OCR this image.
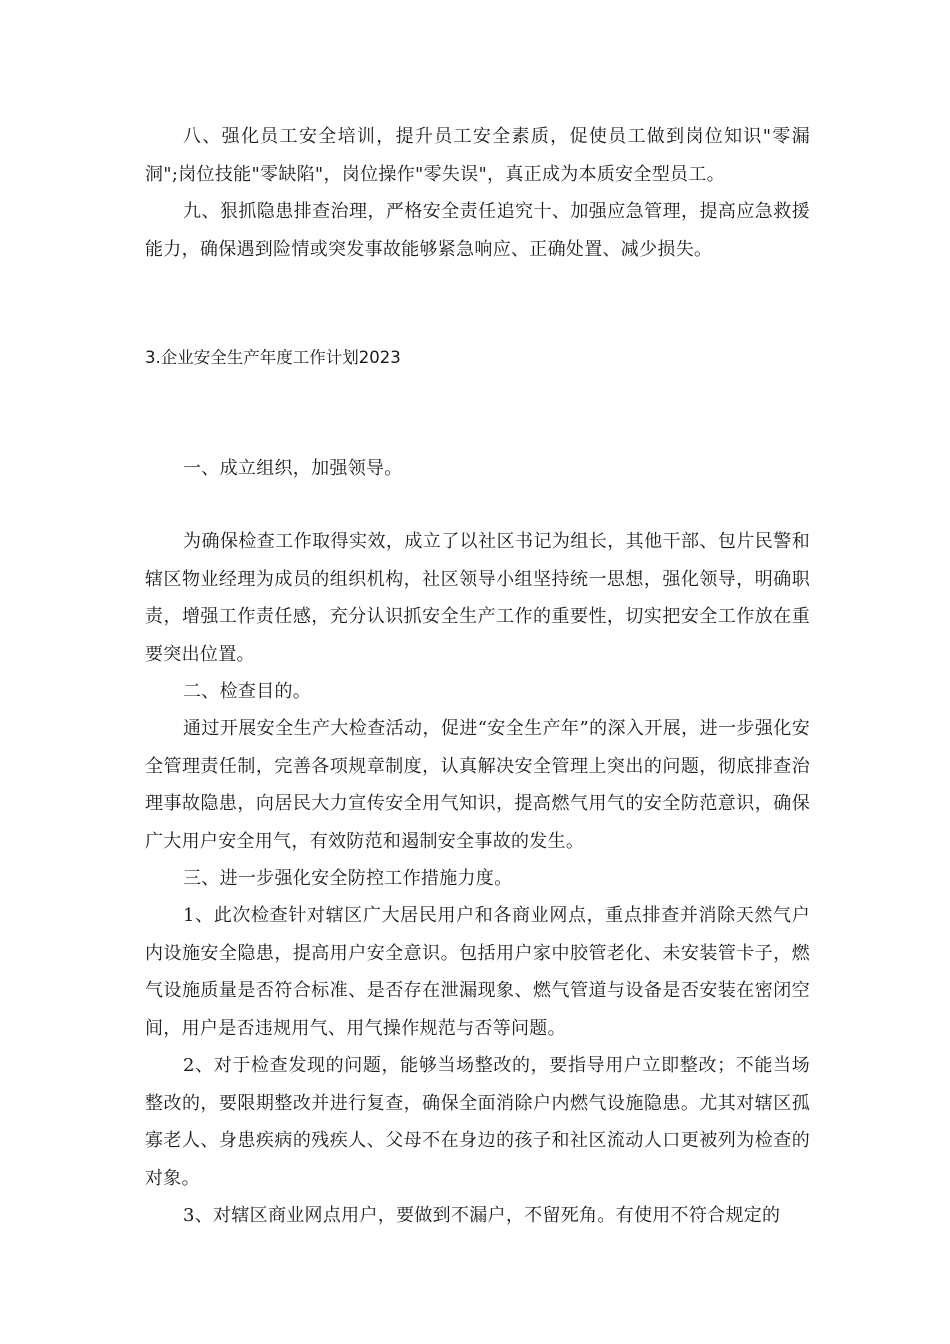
八、强化员工安全培训，提升员工安全素质，促使员工做到岗位知识"零漏洞";岗位技能"零缺陷"，岗位操作"零失误"，真正成为本质安全型员工。

九、狠抓隐患排查治理，严格安全责任追究十、加强应急管理，提高应急救援能力，确保遇到险情或突发事故能够紧急响应、正确处置、减少损失。

3.企业安全生产年度工作计划2023

一、成立组织，加强领导。

为确保检查工作取得实效，成立了以社区书记为组长，其他干部、包片民警和辖区物业经理为成员的组织机构，社区领导小组坚持统一思想，强化领导，明确职责，增强工作责任感，充分认识抓安全生产工作的重要性，切实把安全工作放在重要突出位置。

二、检查目的。

通过开展安全生产大检查活动，促进“安全生产年”的深入开展，进一步强化安全管理责任制，完善各项规章制度，认真解决安全管理上突出的问题，彻底排查治理事故隐患，向居民大力宣传安全用气知识，提高燃气用气的安全防范意识，确保广大用户安全用气，有效防范和遏制安全事故的发生。

三、进一步强化安全防控工作措施力度。

1、此次检查针对辖区广大居民用户和各商业网点，重点排查并消除天然气户内设施安全隐患，提高用户安全意识。包括用户家中胶管老化、未安装管卡子，燃气设施质量是否符合标准、是否存在泄漏现象、燃气管道与设备是否安装在密闭空间，用户是否违规用气、用气操作规范与否等问题。

2、对于检查发现的问题，能够当场整改的，要指导用户立即整改；不能当场整改的，要限期整改并进行复查，确保全面消除户内燃气设施隐患。尤其对辖区孤寡老人、身患疾病的残疾人、父母不在身边的孩子和社区流动人口更被列为检查的对象。

3、对辖区商业网点用户，要做到不漏户，不留死角。有使用不符合规定的
